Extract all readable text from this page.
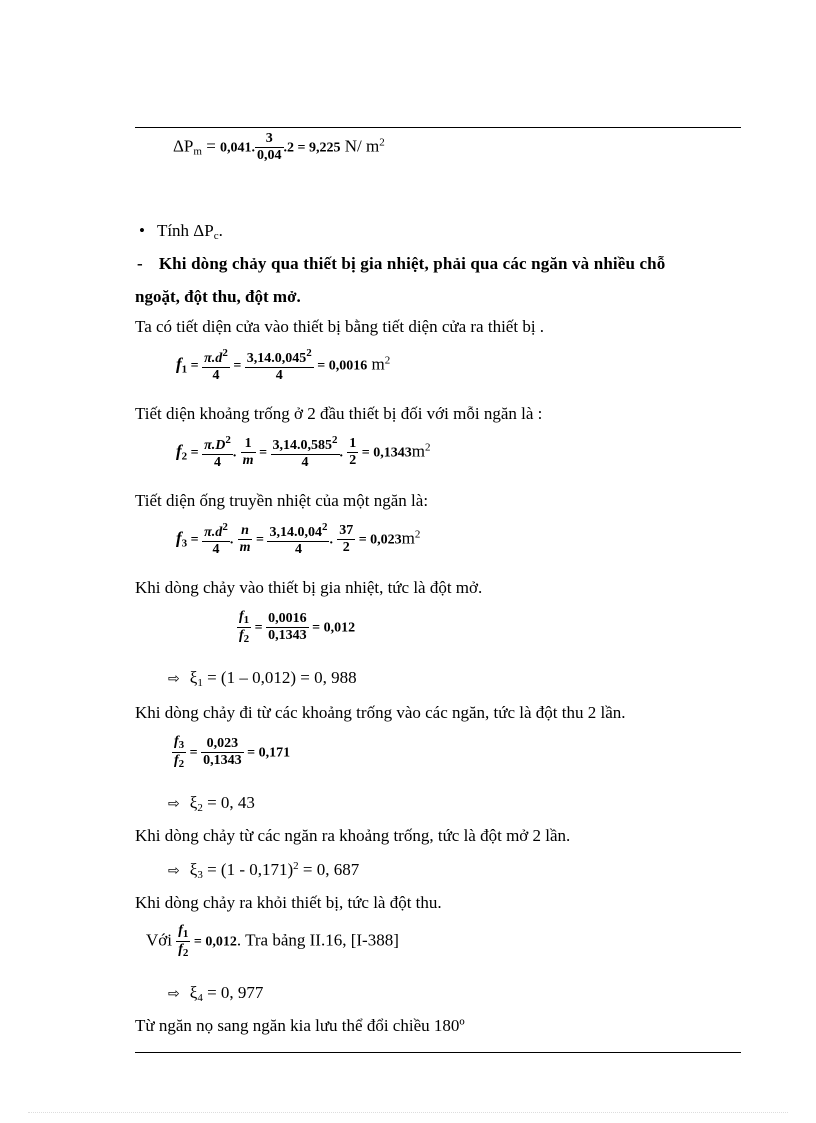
$\Delta P_m = 0,041$. $\frac{3}{0,04} .2 = 9,225$ N/ $m^2$
• Tính $\Delta P_c$.
- Khi dòng chảy qua thiết bị gia nhiệt, phải qua các ngăn và nhiều chỗ
ngoặt, đột thu, đột mở.
Ta có tiết diện cửa vào thiết bị bằng tiết diện cửa ra thiết bị .
$f_1 = \frac{\pi.d^2}{4} = \frac{3,14.0,045^2}{4} = 0,0016$ $m^2$
Tiết diện khoảng trống ở 2 đầu thiết bị đối với mỗi ngăn là :
$f_2 = \frac{\pi.D^2}{4}$ . $\frac{1}{m} = \frac{3,14.0,585^2}{4}$ . $\frac{1}{2} = 0,1343m^2$
Tiết diện ống truyền nhiệt của một ngăn là:
$f_3 = \frac{\pi.d^2}{4}$ . $\frac{n}{m} = \frac{3,14.0,04^2}{4}$ . $\frac{37}{2} = 0,023m^2$
Khi dòng chảy vào thiết bị gia nhiệt, tức là đột mở.
$\frac{f_1}{f_2} = \frac{0,0016}{0,1343} = 0,012$
⇨ $\xi_1 = (1 - 0,012) = 0$, 988
Khi dòng chảy đi từ các khoảng trống vào các ngăn, tức là đột thu 2 lần.
$\frac{f_3}{f_2} = \frac{0,023}{0,1343} = 0,171$
⇨ $\xi_2 = 0$, 43
Khi dòng chảy từ các ngăn ra khoảng trống, tức là đột mở 2 lần.
⇨ $\xi_3 = (1 - 0,171)^2 = 0$, 687
Khi dòng chảy ra khỏi thiết bị, tức là đột thu.
Với $\frac{f_1}{f_2} = 0,012$. Tra bảng II.16, [I-388]
⇨ $\xi_4 = 0$, 977
Từ ngăn nọ sang ngăn kia lưu thể đổi chiều 180º
